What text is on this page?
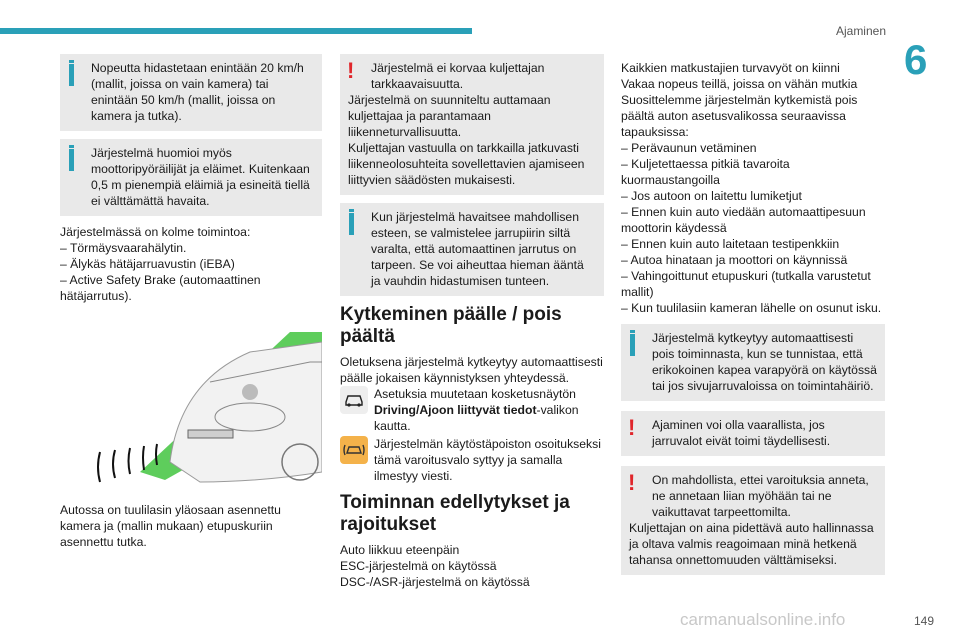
Ajaminen
6

Nopeutta hidastetaan enintään 20 km/h (mallit, joissa on vain kamera) tai enintään 50 km/h (mallit, joissa on kamera ja tutka).

Järjestelmä huomioi myös moottoripyöräilijät ja eläimet. Kuitenkaan 0,5 m pienempiä eläimiä ja esineitä tiellä ei välttämättä havaita.

Järjestelmässä on kolme toimintoa:

– Törmäysvaarahälytin.

– Älykäs hätäjarruavustin (iEBA)

– Active Safety Brake (automaattinen hätäjarrutus).

Autossa on tuulilasin yläosaan asennettu kamera ja (mallin mukaan) etupuskuriin asennettu tutka.

!	Järjestelmä ei korvaa kuljettajan tarkkaavaisuutta.

Järjestelmä on suunniteltu auttamaan kuljettajaa ja parantamaan liikenneturvallisuutta.

Kuljettajan vastuulla on tarkkailla jatkuvasti liikenneolosuhteita sovellettavien ajamiseen liittyvien säädösten mukaisesti.

Kun järjestelmä havaitsee mahdollisen esteen, se valmistelee jarrupiirin siltä varalta, että automaattinen jarrutus on tarpeen. Se voi aiheuttaa hieman ääntä ja vauhdin hidastumisen tunteen.

Kytkeminen päälle / pois päältä

Oletuksena järjestelmä kytkeytyy automaattisesti päälle jokaisen käynnistyksen yhteydessä.

Asetuksia muutetaan kosketusnäytön Driving/Ajoon liittyvät tiedot-valikon kautta.

Järjestelmän käytöstäpoiston osoitukseksi tämä varoitusvalo syttyy ja samalla ilmestyy viesti.

Toiminnan edellytykset ja rajoitukset

Auto liikkuu eteenpäin

ESC-järjestelmä on käytössä

DSC-/ASR-järjestelmä on käytössä

Kaikkien matkustajien turvavyöt on kiinni

Vakaa nopeus teillä, joissa on vähän mutkia

Suosittelemme järjestelmän kytkemistä pois päältä auton asetusvalikossa seuraavissa tapauksissa:

– Perävaunun vetäminen

– Kuljetettaessa pitkiä tavaroita kuormaustangoilla

– Jos autoon on laitettu lumiketjut

– Ennen kuin auto viedään automaattipesuun moottorin käydessä

– Ennen kuin auto laitetaan testipenkkiin

– Autoa hinataan ja moottori on käynnissä

– Vahingoittunut etupuskuri (tutkalla varustetut mallit)

– Kun tuulilasiin kameran lähelle on osunut isku.

Järjestelmä kytkeytyy automaattisesti pois toiminnasta, kun se tunnistaa, että erikokoinen kapea varapyörä on käytössä tai jos sivujarruvaloissa on toimintahäiriö.

!	Ajaminen voi olla vaarallista, jos jarruvalot eivät toimi täydellisesti.

!	On mahdollista, ettei varoituksia anneta, ne annetaan liian myöhään tai ne vaikuttavat tarpeettomilta.

Kuljettajan on aina pidettävä auto hallinnassa ja oltava valmis reagoimaan minä hetkenä tahansa onnettomuuden välttämiseksi.

carmanualsonline.info	149
